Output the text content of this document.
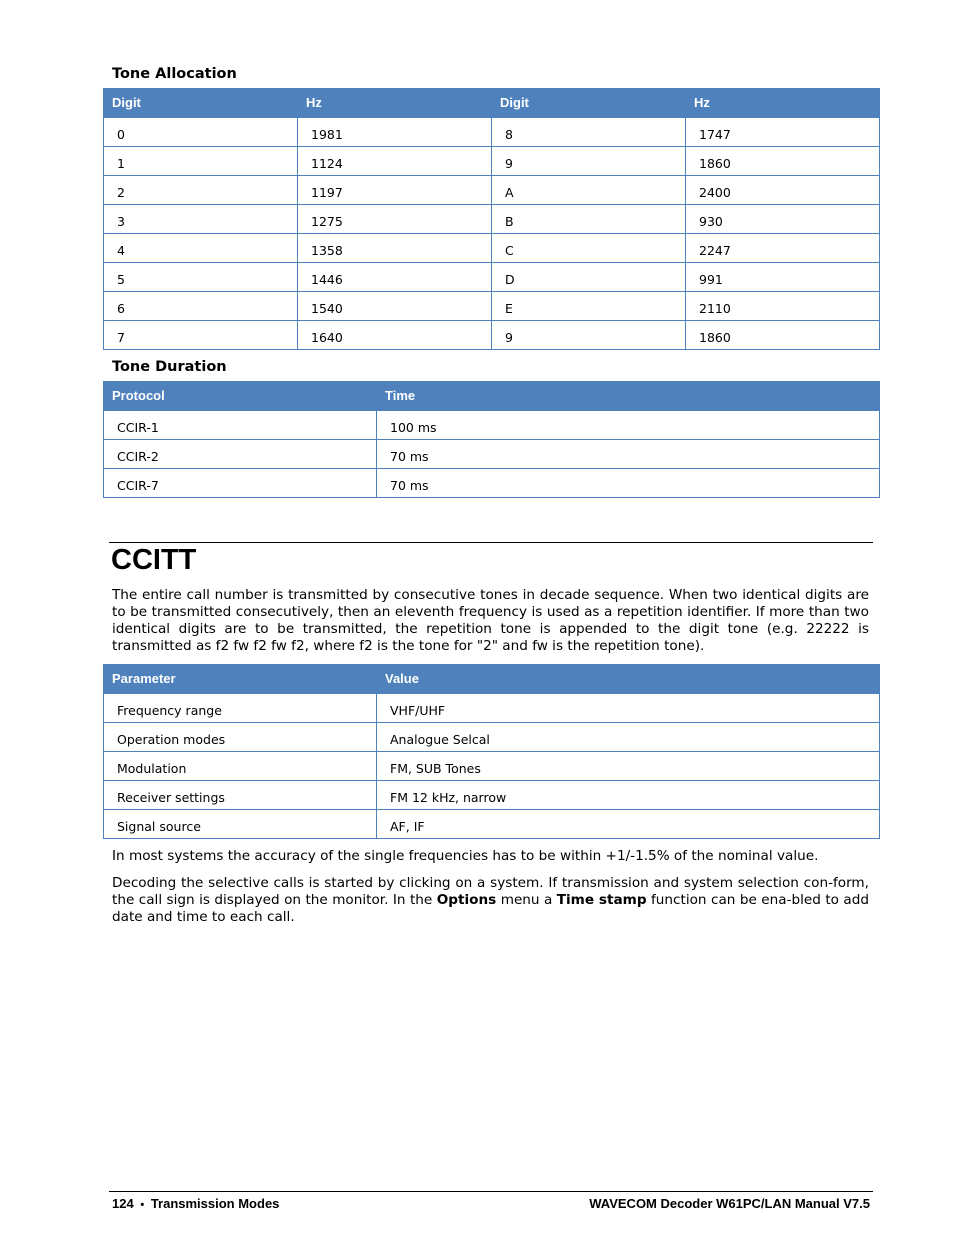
Tone Allocation
Digit	Hz	Digit	Hz
0	1981	8	1747
1	1124	9	1860
2	1197	A	2400
3	1275	B	930
4	1358	C	2247
5	1446	D	991
6	1540	E	2110
7	1640	9	1860
Tone Duration
Protocol	Time
CCIR-1	100 ms
CCIR-2	70 ms
CCIR-7	70 ms
CCITT
The entire call number is transmitted by consecutive tones in decade sequence. When two identical digits are to be transmitted consecutively, then an eleventh frequency is used as a repetition identifier. If more than two identical digits are to be transmitted, the repetition tone is appended to the digit tone (e.g. 22222 is transmitted as f2 fw f2 fw f2, where f2 is the tone for "2" and fw is the repetition tone).
Parameter	Value
Frequency range	VHF/UHF
Operation modes	Analogue Selcal
Modulation	FM, SUB Tones
Receiver settings	FM 12 kHz, narrow
Signal source	AF, IF
In most systems the accuracy of the single frequencies has to be within +1/-1.5% of the nominal value.
Decoding the selective calls is started by clicking on a system. If transmission and system selection con-form, the call sign is displayed on the monitor. In the Options menu a Time stamp function can be ena-bled to add date and time to each call.
124 • Transmission Modes	WAVECOM Decoder W61PC/LAN Manual V7.5
